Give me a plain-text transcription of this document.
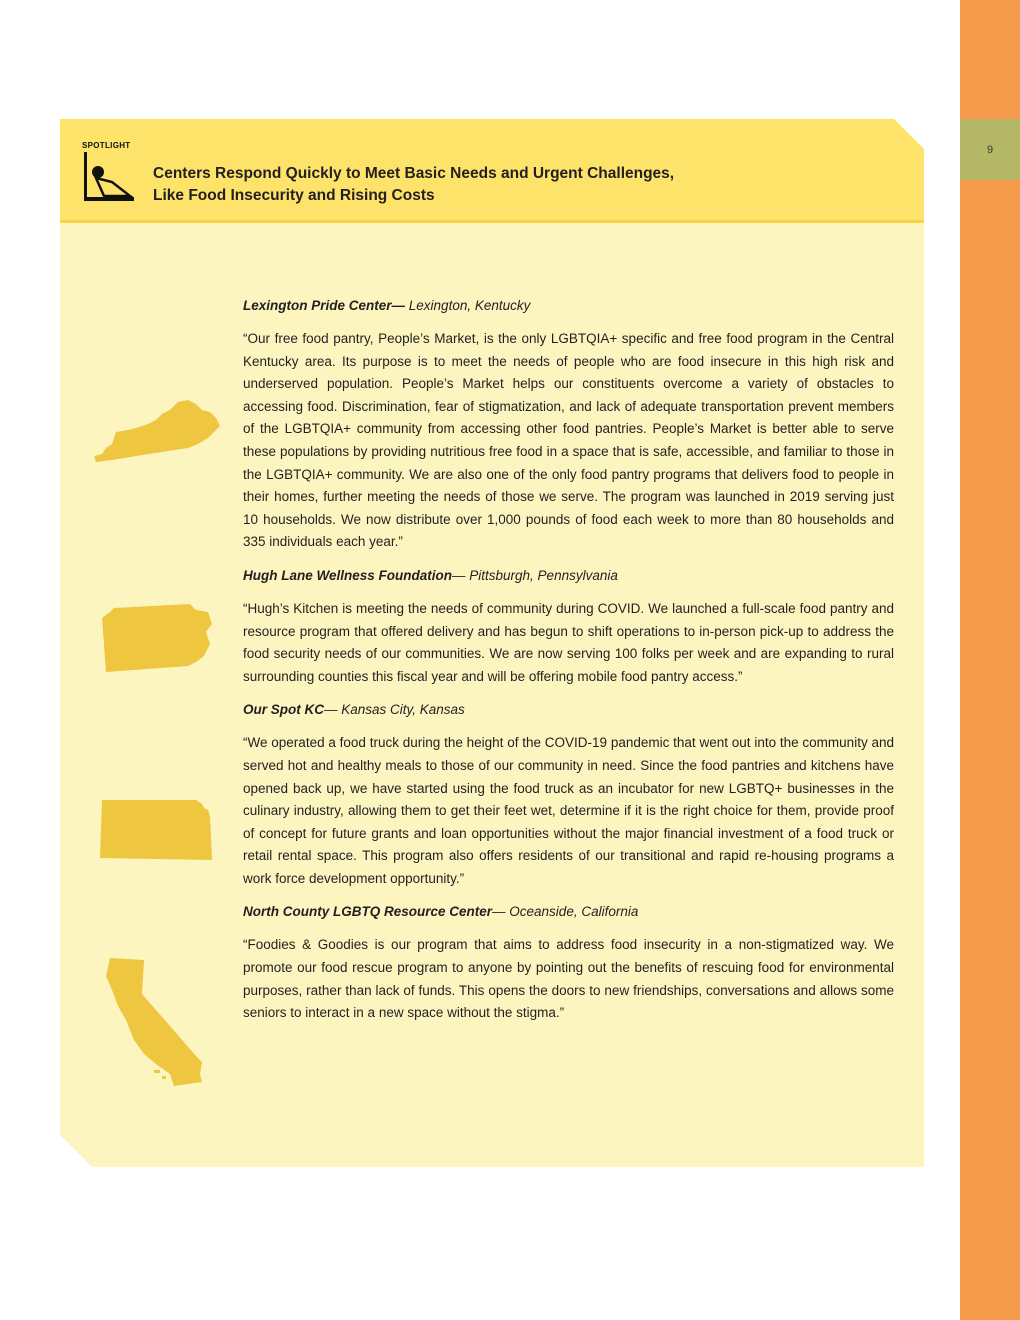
9
SPOTLIGHT
Centers Respond Quickly to Meet Basic Needs and Urgent Challenges,
Like Food Insecurity and Rising Costs
Lexington Pride Center— Lexington, Kentucky

“Our free food pantry, People’s Market, is the only LGBTQIA+ specific and free food program in the Central Kentucky area. Its purpose is to meet the needs of people who are food insecure in this high risk and underserved population. People’s Market helps our constituents overcome a variety of obstacles to accessing food. Discrimination, fear of stigmatization, and lack of adequate transportation prevent members of the LGBTQIA+ community from accessing other food pantries. People’s Market is better able to serve these populations by providing nutritious free food in a space that is safe, accessible, and familiar to those in the LGBTQIA+ community. We are also one of the only food pantry programs that delivers food to people in their homes, further meeting the needs of those we serve. The program was launched in 2019 serving just 10 households. We now distribute over 1,000 pounds of food each week to more than 80 households and 335 individuals each year.”

Hugh Lane Wellness Foundation— Pittsburgh, Pennsylvania

“Hugh’s Kitchen is meeting the needs of community during COVID. We launched a full-scale food pantry and resource program that offered delivery and has begun to shift operations to in-person pick-up to address the food security needs of our communities. We are now serving 100 folks per week and are expanding to rural surrounding counties this fiscal year and will be offering mobile food pantry access.”

Our Spot KC— Kansas City, Kansas

“We operated a food truck during the height of the COVID-19 pandemic that went out into the community and served hot and healthy meals to those of our community in need. Since the food pantries and kitchens have opened back up, we have started using the food truck as an incubator for new LGBTQ+ businesses in the culinary industry, allowing them to get their feet wet, determine if it is the right choice for them, provide proof of concept for future grants and loan opportunities without the major financial investment of a food truck or retail rental space. This program also offers residents of our transitional and rapid re-housing programs a work force development opportunity.”

North County LGBTQ Resource Center— Oceanside, California

“Foodies & Goodies is our program that aims to address food insecurity in a non-stigmatized way. We promote our food rescue program to anyone by pointing out the benefits of rescuing food for environmental purposes, rather than lack of funds. This opens the doors to new friendships, conversations and allows some seniors to interact in a new space without the stigma.”
